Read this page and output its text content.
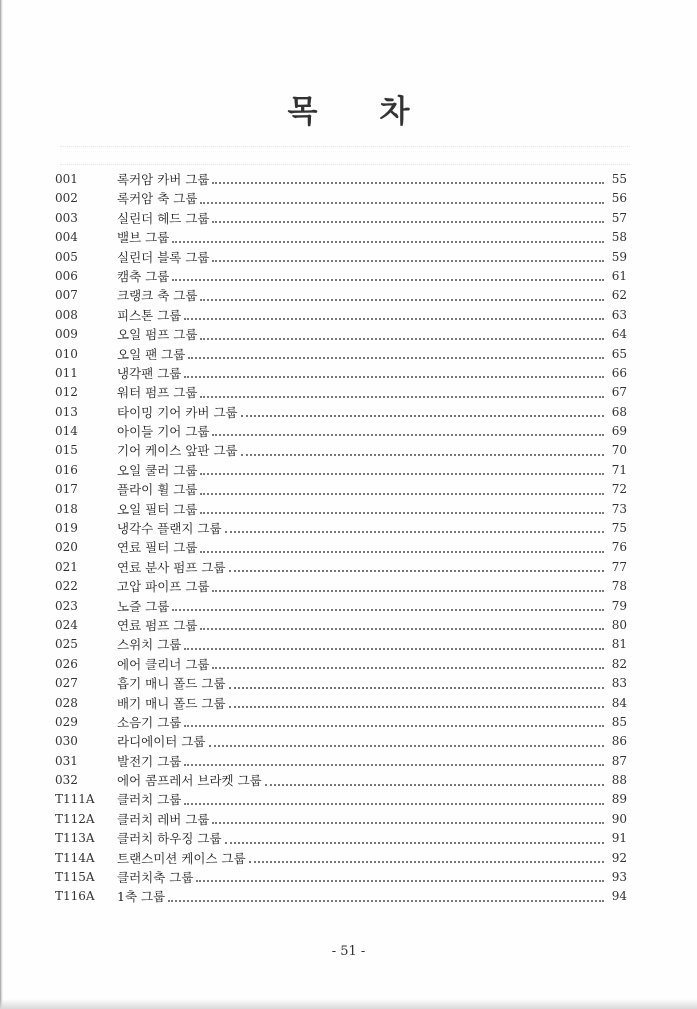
목 차
001	록커암 카버 그룹	55
002	록커암 축 그룹	56
003	실린더 헤드 그룹	57
004	밸브 그룹	58
005	실린더 블록 그룹	59
006	캠축 그룹	61
007	크랭크 축 그룹	62
008	피스톤 그룹	63
009	오일 펌프 그룹	64
010	오일 팬 그룹	65
011	냉각팬 그룹	66
012	워터 펌프 그룹	67
013	타이밍 기어 카버 그룹	68
014	아이들 기어 그룹	69
015	기어 케이스 앞판 그룹	70
016	오일 쿨러 그룹	71
017	플라이 휠 그룹	72
018	오일 필터 그룹	73
019	냉각수 플랜지 그룹	75
020	연료 필터 그룹	76
021	연료 분사 펌프 그룹	77
022	고압 파이프 그룹	78
023	노즐 그룹	79
024	연료 펌프 그룹	80
025	스위치 그룹	81
026	에어 클리너 그룹	82
027	흡기 매니 폴드 그룹	83
028	배기 매니 폴드 그룹	84
029	소음기 그룹	85
030	라디에이터 그룹	86
031	발전기 그룹	87
032	에어 콤프레서 브라켓 그룹	88
T111A	클러치 그룹	89
T112A	클러치 레버 그룹	90
T113A	클러치 하우징 그룹	91
T114A	트랜스미션 케이스 그룹	92
T115A	클러치축 그룹	93
T116A	1축 그룹	94
- 51 -
